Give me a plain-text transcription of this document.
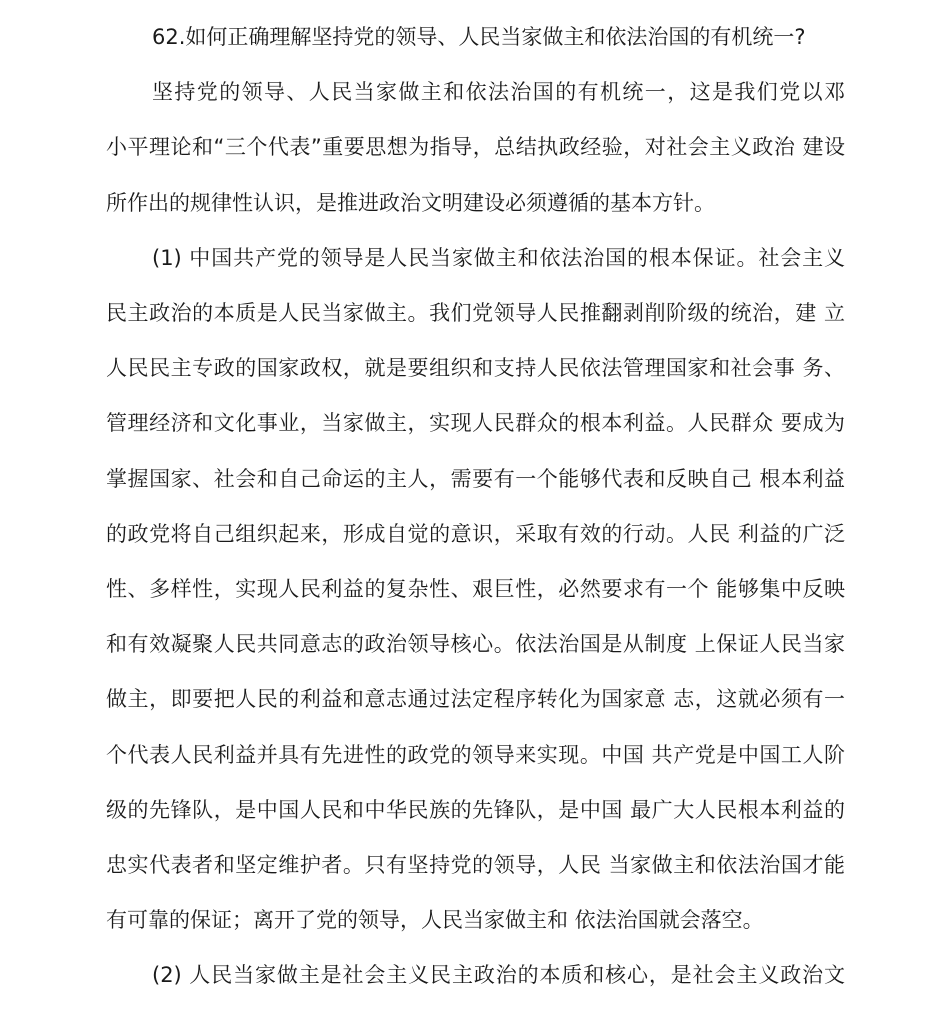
62.如何正确理解坚持党的领导、人民当家做主和依法治国的有机统一?
坚持党的领导、人民当家做主和依法治国的有机统一，这是我们党以邓
小平理论和“三个代表”重要思想为指导，总结执政经验，对社会主义政治 建设
所作出的规律性认识，是推进政治文明建设必须遵循的基本方针。
(1) 中国共产党的领导是人民当家做主和依法治国的根本保证。社会主义
民主政治的本质是人民当家做主。我们党领导人民推翻剥削阶级的统治，建 立
人民民主专政的国家政权，就是要组织和支持人民依法管理国家和社会事 务、
管理经济和文化事业，当家做主，实现人民群众的根本利益。人民群众 要成为
掌握国家、社会和自己命运的主人，需要有一个能够代表和反映自己 根本利益
的政党将自己组织起来，形成自觉的意识，采取有效的行动。人民 利益的广泛
性、多样性，实现人民利益的复杂性、艰巨性，必然要求有一个 能够集中反映
和有效凝聚人民共同意志的政治领导核心。依法治国是从制度 上保证人民当家
做主，即要把人民的利益和意志通过法定程序转化为国家意 志，这就必须有一
个代表人民利益并具有先进性的政党的领导来实现。中国 共产党是中国工人阶
级的先锋队，是中国人民和中华民族的先锋队，是中国 最广大人民根本利益的
忠实代表者和坚定维护者。只有坚持党的领导，人民 当家做主和依法治国才能
有可靠的保证；离开了党的领导，人民当家做主和 依法治国就会落空。
(2) 人民当家做主是社会主义民主政治的本质和核心，是社会主义政治文
